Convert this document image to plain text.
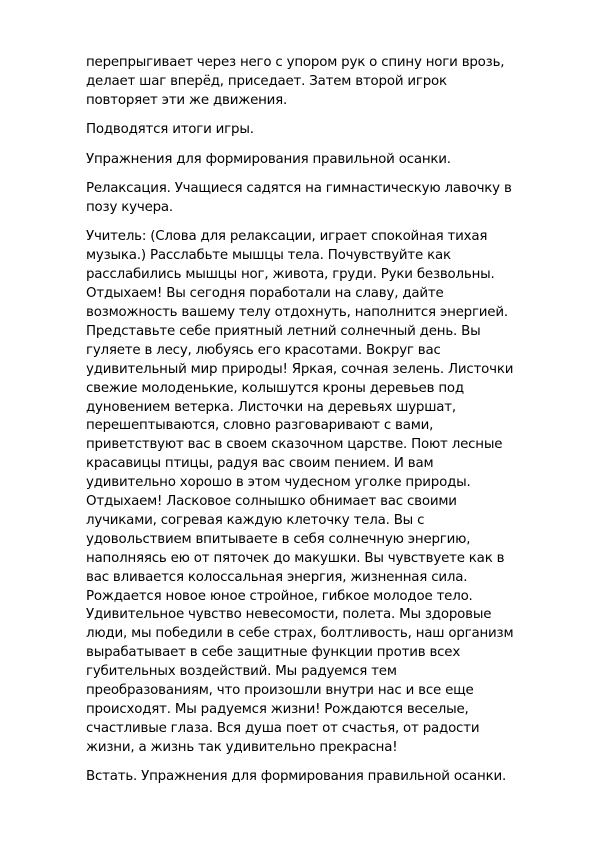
перепрыгивает через него с упором рук о спину ноги врозь,
делает шаг вперёд, приседает. Затем второй игрок
повторяет эти же движения.

Подводятся итоги игры.

Упражнения для формирования правильной осанки.

Релаксация. Учащиеся садятся на гимнастическую лавочку в
позу кучера.

Учитель: (Слова для релаксации, играет спокойная тихая
музыка.) Расслабьте мышцы тела. Почувствуйте как
расслабились мышцы ног, живота, груди. Руки безвольны.
Отдыхаем! Вы сегодня поработали на славу, дайте
возможность вашему телу отдохнуть, наполнится энергией.
Представьте себе приятный летний солнечный день. Вы
гуляете в лесу, любуясь его красотами. Вокруг вас
удивительный мир природы! Яркая, сочная зелень. Листочки
свежие молоденькие, колышутся кроны деревьев под
дуновением ветерка. Листочки на деревьях шуршат,
перешептываются, словно разговаривают с вами,
приветствуют вас в своем сказочном царстве. Поют лесные
красавицы птицы, радуя вас своим пением. И вам
удивительно хорошо в этом чудесном уголке природы.
Отдыхаем! Ласковое солнышко обнимает вас своими
лучиками, согревая каждую клеточку тела. Вы с
удовольствием впитываете в себя солнечную энергию,
наполняясь ею от пяточек до макушки. Вы чувствуете как в
вас вливается колоссальная энергия, жизненная сила.
Рождается новое юное стройное, гибкое молодое тело.
Удивительное чувство невесомости, полета. Мы здоровые
люди, мы победили в себе страх, болтливость, наш организм
вырабатывает в себе защитные функции против всех
губительных воздействий. Мы радуемся тем
преобразованиям, что произошли внутри нас и все еще
происходят. Мы радуемся жизни! Рождаются веселые,
счастливые глаза. Вся душа поет от счастья, от радости
жизни, а жизнь так удивительно прекрасна!

Встать. Упражнения для формирования правильной осанки.
